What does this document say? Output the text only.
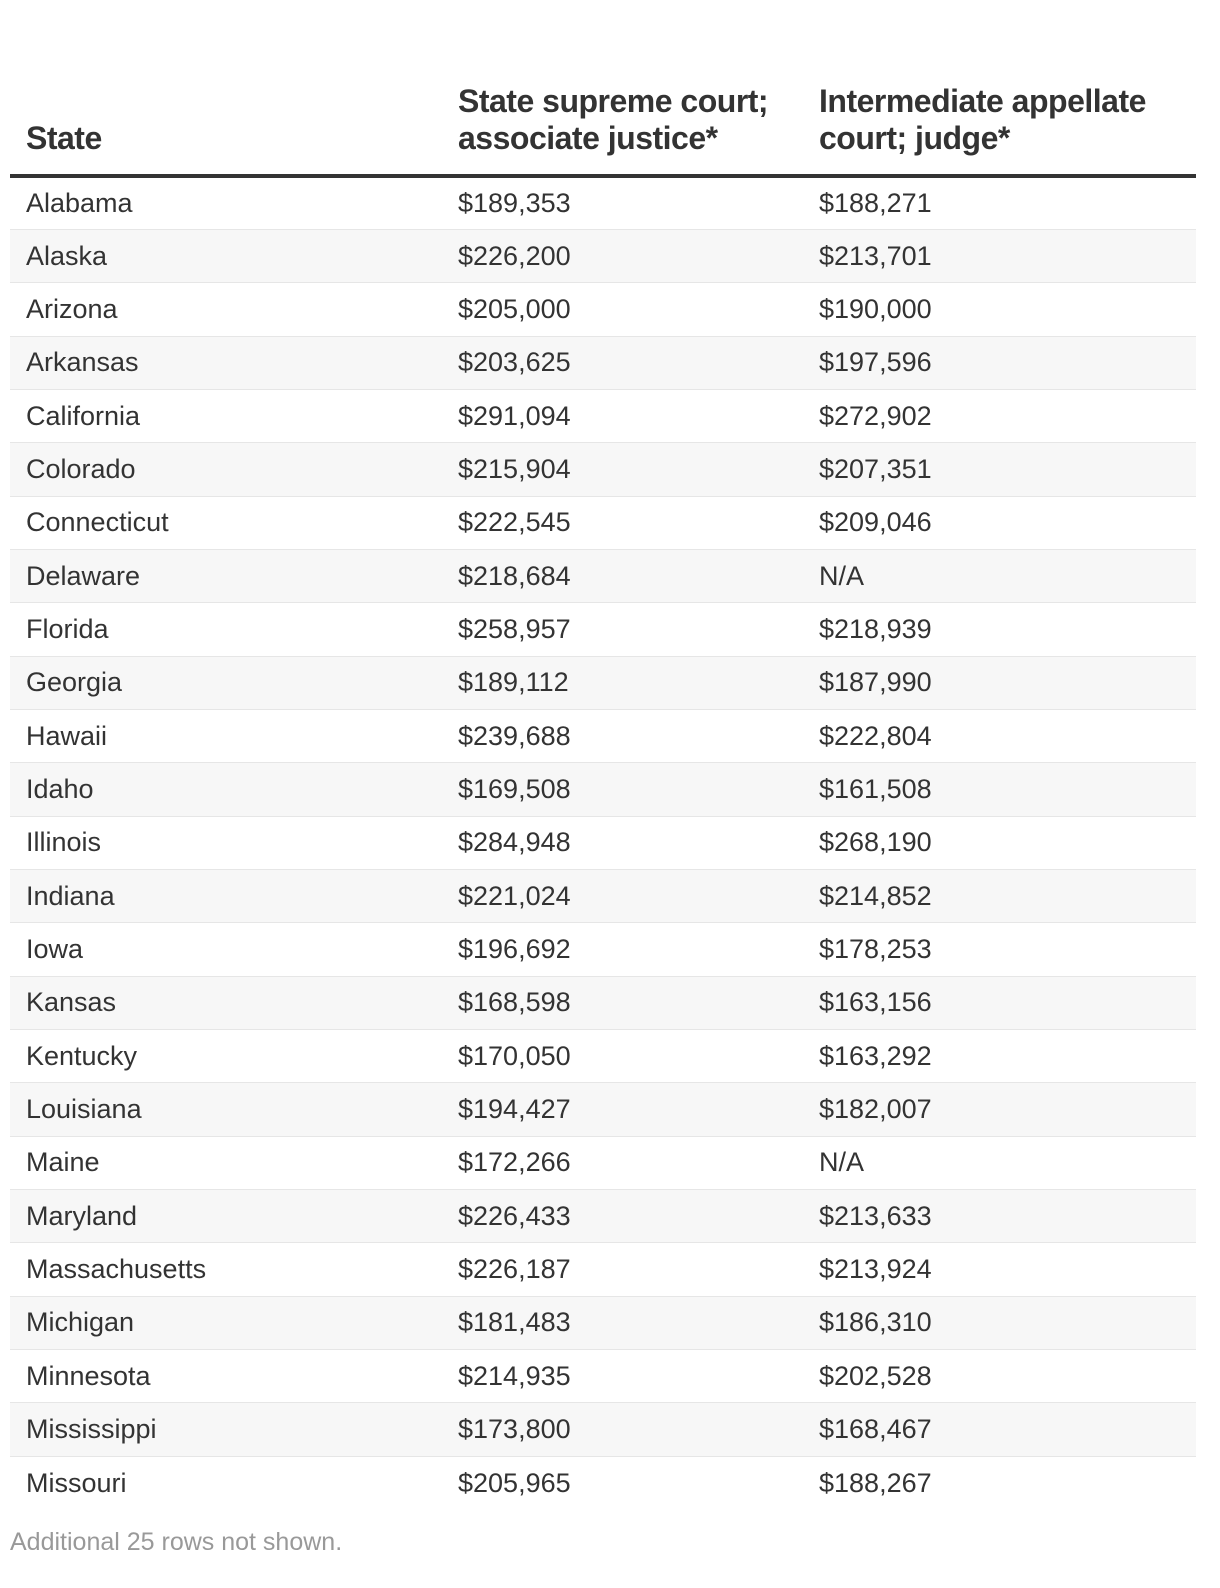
State	State supreme court; associate justice*	Intermediate appellate court; judge*
Alabama	$189,353	$188,271
Alaska	$226,200	$213,701
Arizona	$205,000	$190,000
Arkansas	$203,625	$197,596
California	$291,094	$272,902
Colorado	$215,904	$207,351
Connecticut	$222,545	$209,046
Delaware	$218,684	N/A
Florida	$258,957	$218,939
Georgia	$189,112	$187,990
Hawaii	$239,688	$222,804
Idaho	$169,508	$161,508
Illinois	$284,948	$268,190
Indiana	$221,024	$214,852
Iowa	$196,692	$178,253
Kansas	$168,598	$163,156
Kentucky	$170,050	$163,292
Louisiana	$194,427	$182,007
Maine	$172,266	N/A
Maryland	$226,433	$213,633
Massachusetts	$226,187	$213,924
Michigan	$181,483	$186,310
Minnesota	$214,935	$202,528
Mississippi	$173,800	$168,467
Missouri	$205,965	$188,267
Additional 25 rows not shown.
